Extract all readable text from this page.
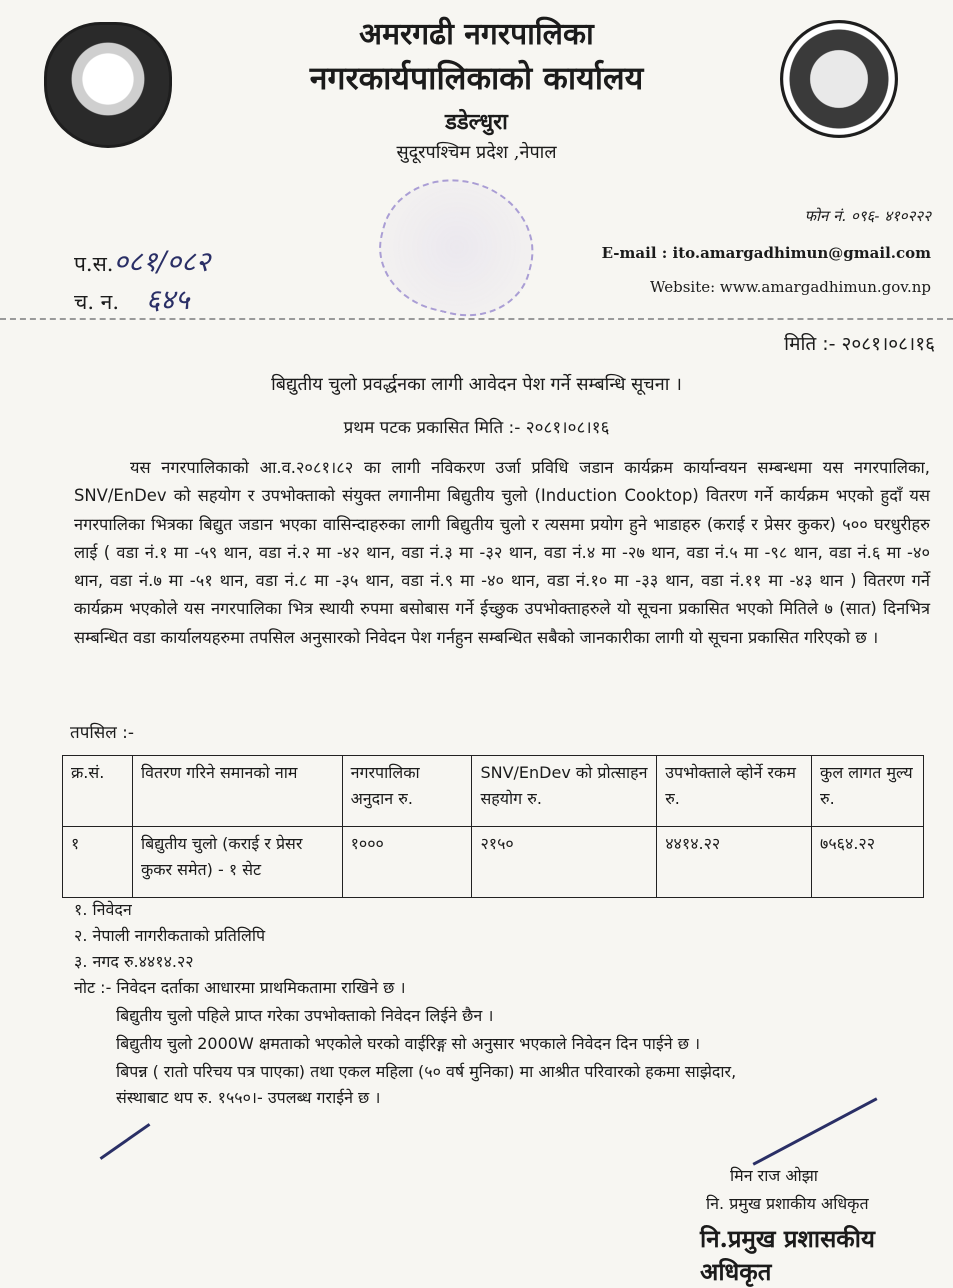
अमरगढी नगरपालिका
नगरकार्यपालिकाको कार्यालय
डडेल्धुरा
सुदूरपश्चिम प्रदेश ,नेपाल
फोन नं. ०९६- ४१०२२२
E-mail : ito.amargadhimun@gmail.com
Website: www.amargadhimun.gov.np
प.स.०८१/०८२
च. न. ६४५
मिति :- २०८१।०८।१६
बिद्युतीय चुलो प्रवर्द्धनका लागी आवेदन पेश गर्ने सम्बन्धि सूचना ।
प्रथम पटक प्रकासित मिति :- २०८१।०८।१६
यस नगरपालिकाको आ.व.२०८१।८२ का लागी नविकरण उर्जा प्रविधि जडान कार्यक्रम कार्यान्वयन सम्बन्धमा यस नगरपालिका, SNV/EnDev को सहयोग र उपभोक्ताको संयुक्त लगानीमा बिद्युतीय चुलो (Induction Cooktop) वितरण गर्ने कार्यक्रम भएको हुदाँ यस नगरपालिका भित्रका बिद्युत जडान भएका वासिन्दाहरुका लागी बिद्युतीय चुलो र त्यसमा प्रयोग हुने भाडाहरु (कराई र प्रेसर कुकर) ५०० घरधुरीहरु लाई ( वडा नं.१ मा -५९ थान, वडा नं.२ मा -४२ थान, वडा नं.३ मा -३२ थान, वडा नं.४ मा -२७ थान, वडा नं.५ मा -९८ थान, वडा नं.६ मा -४० थान, वडा नं.७ मा -५१ थान, वडा नं.८ मा -३५ थान, वडा नं.९ मा -४० थान, वडा नं.१० मा -३३ थान, वडा नं.११ मा -४३ थान ) वितरण गर्ने कार्यक्रम भएकोले यस नगरपालिका भित्र स्थायी रुपमा बसोबास गर्ने ईच्छुक उपभोक्ताहरुले यो सूचना प्रकासित भएको मितिले ७ (सात) दिनभित्र सम्बन्धित वडा कार्यालयहरुमा तपसिल अनुसारको निवेदन पेश गर्नहुन सम्बन्धित सबैको जानकारीका लागी यो सूचना प्रकासित गरिएको छ ।
तपसिल :-
क्र.सं.	वितरण गरिने समानको नाम	नगरपालिका अनुदान रु.	SNV/EnDev को प्रोत्साहन सहयोग रु.	उपभोक्ताले व्होर्ने रकम रु.	कुल लागत मुल्य रु.
१	बिद्युतीय चुलो (कराई र प्रेसर कुकर समेत) - १ सेट	१०००	२१५०	४४१४.२२	७५६४.२२
१. निवेदन
२. नेपाली नागरीकताको प्रतिलिपि
३. नगद रु.४४१४.२२
नोट :- निवेदन दर्ताका आधारमा प्राथमिकतामा राखिने छ ।
बिद्युतीय चुलो पहिले प्राप्त गरेका उपभोक्ताको निवेदन लिईने छैन ।
बिद्युतीय चुलो 2000W क्षमताको भएकोले घरको वाईरिङ्ग सो अनुसार भएकाले निवेदन दिन पाईने छ ।
बिपन्न ( रातो परिचय पत्र पाएका) तथा एकल महिला (५० वर्ष मुनिका) मा आश्रीत परिवारको हकमा साझेदार,
संस्थाबाट थप रु. १५५०।- उपलब्ध गराईने छ ।
मिन राज ओझा
नि. प्रमुख प्रशाकीय अधिकृत
नि.प्रमुख प्रशासकीय अधिकृत
